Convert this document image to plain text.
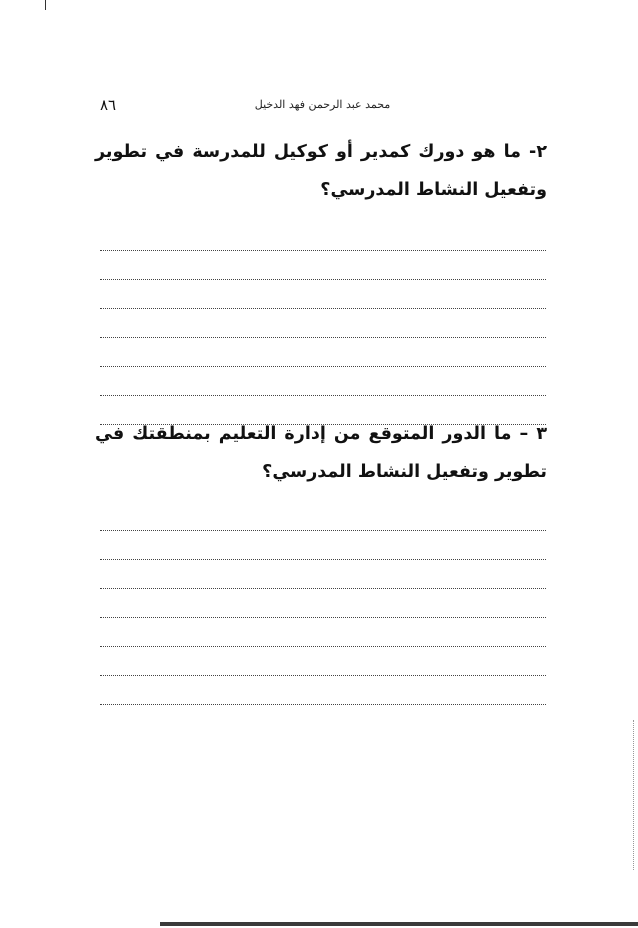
٨٦	محمد عبد الرحمن فهد الدخيل
٢- ما هو دورك كمدير أو كوكيل للمدرسة في تطوير وتفعيل النشاط المدرسي؟
٣ – ما الدور المتوقع من إدارة التعليم بمنطقتك في تطوير وتفعيل النشاط المدرسي؟
